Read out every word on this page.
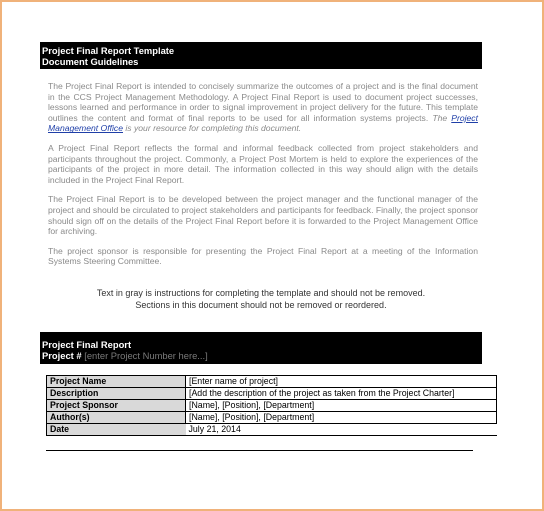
Project Final Report Template
Document Guidelines

The Project Final Report is intended to concisely summarize the outcomes of a project and is the final document in the CCS Project Management Methodology. A Project Final Report is used to document project successes, lessons learned and performance in order to signal improvement in project delivery for the future. This template outlines the content and format of final reports to be used for all information systems projects. The Project Management Office is your resource for completing this document.

A Project Final Report reflects the formal and informal feedback collected from project stakeholders and participants throughout the project. Commonly, a Project Post Mortem is held to explore the experiences of the participants of the project in more detail. The information collected in this way should align with the details included in the Project Final Report.

The Project Final Report is to be developed between the project manager and the functional manager of the project and should be circulated to project stakeholders and participants for feedback. Finally, the project sponsor should sign off on the details of the Project Final Report before it is forwarded to the Project Management Office for archiving.

The project sponsor is responsible for presenting the Project Final Report at a meeting of the Information Systems Steering Committee.

Text in gray is instructions for completing the template and should not be removed.
Sections in this document should not be removed or reordered.
Project Final Report
Project # [enter Project Number here...]
Project Name	[Enter name of project]
Description	[Add the description of the project as taken from the Project Charter]
Project Sponsor	[Name], [Position], [Department]
Author(s)	[Name], [Position], [Department]
Date	July 21, 2014
